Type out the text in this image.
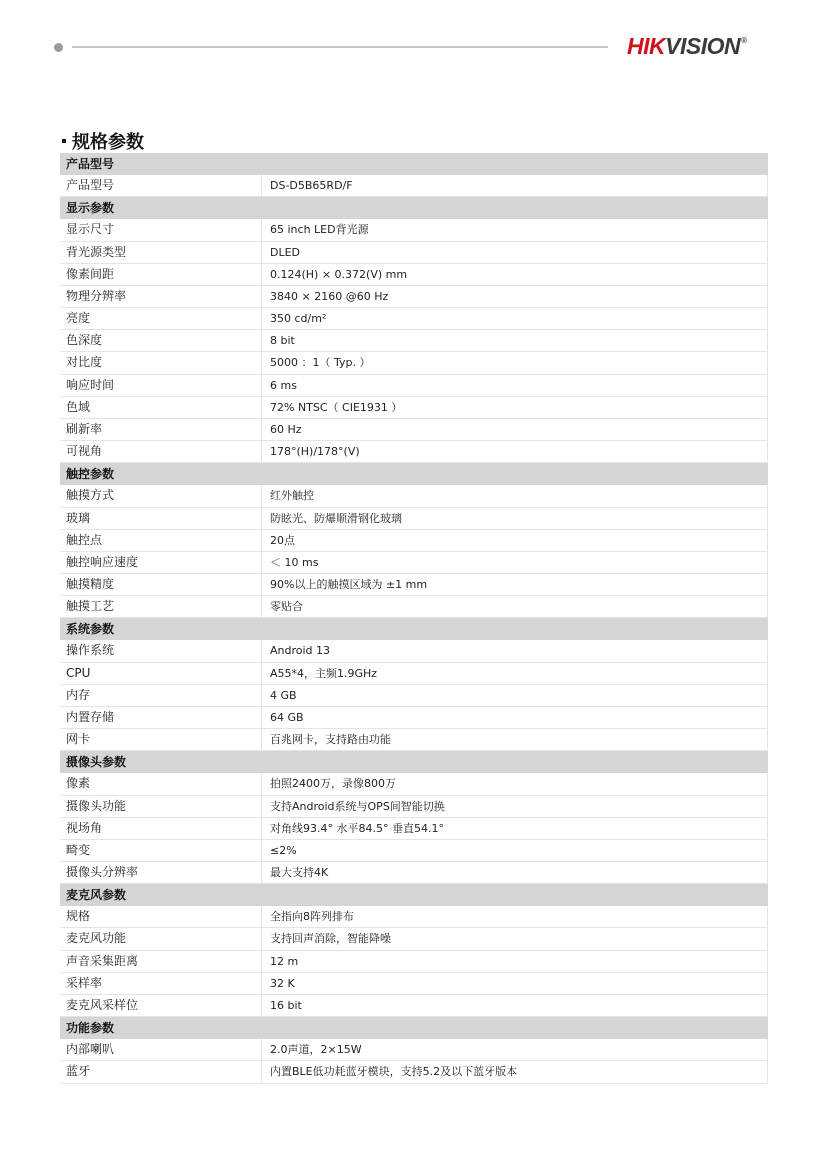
HIK VISION ®
规格参数
产品型号
产品型号	DS-D5B65RD/F
显示参数
显示尺寸	65 inch LED背光源
背光源类型	DLED
像素间距	0.124(H) × 0.372(V) mm
物理分辨率	3840 × 2160 @60 Hz
亮度	350 cd/m²
色深度	8 bit
对比度	5000 ：1（ Typ. ）
响应时间	6 ms
色域	72% NTSC（ CIE1931 ）
刷新率	60 Hz
可视角	178°(H)/178°(V)
触控参数
触摸方式	红外触控
玻璃	防眩光、防爆顺滑钢化玻璃
触控点	20点
触控响应速度	＜ 10 ms
触摸精度	90%以上的触摸区域为 ±1 mm
触摸工艺	零贴合
系统参数
操作系统	Android 13
CPU	A55*4，主频1.9GHz
内存	4 GB
内置存储	64 GB
网卡	百兆网卡，支持路由功能
摄像头参数
像素	拍照2400万，录像800万
摄像头功能	支持Android系统与OPS间智能切换
视场角	对角线93.4° 水平84.5° 垂直54.1°
畸变	≤2%
摄像头分辨率	最大支持4K
麦克风参数
规格	全指向8阵列排布
麦克风功能	支持回声消除，智能降噪
声音采集距离	12 m
采样率	32 K
麦克风采样位	16 bit
功能参数
内部喇叭	2.0声道，2×15W
蓝牙	内置BLE低功耗蓝牙模块，支持5.2及以下蓝牙版本
